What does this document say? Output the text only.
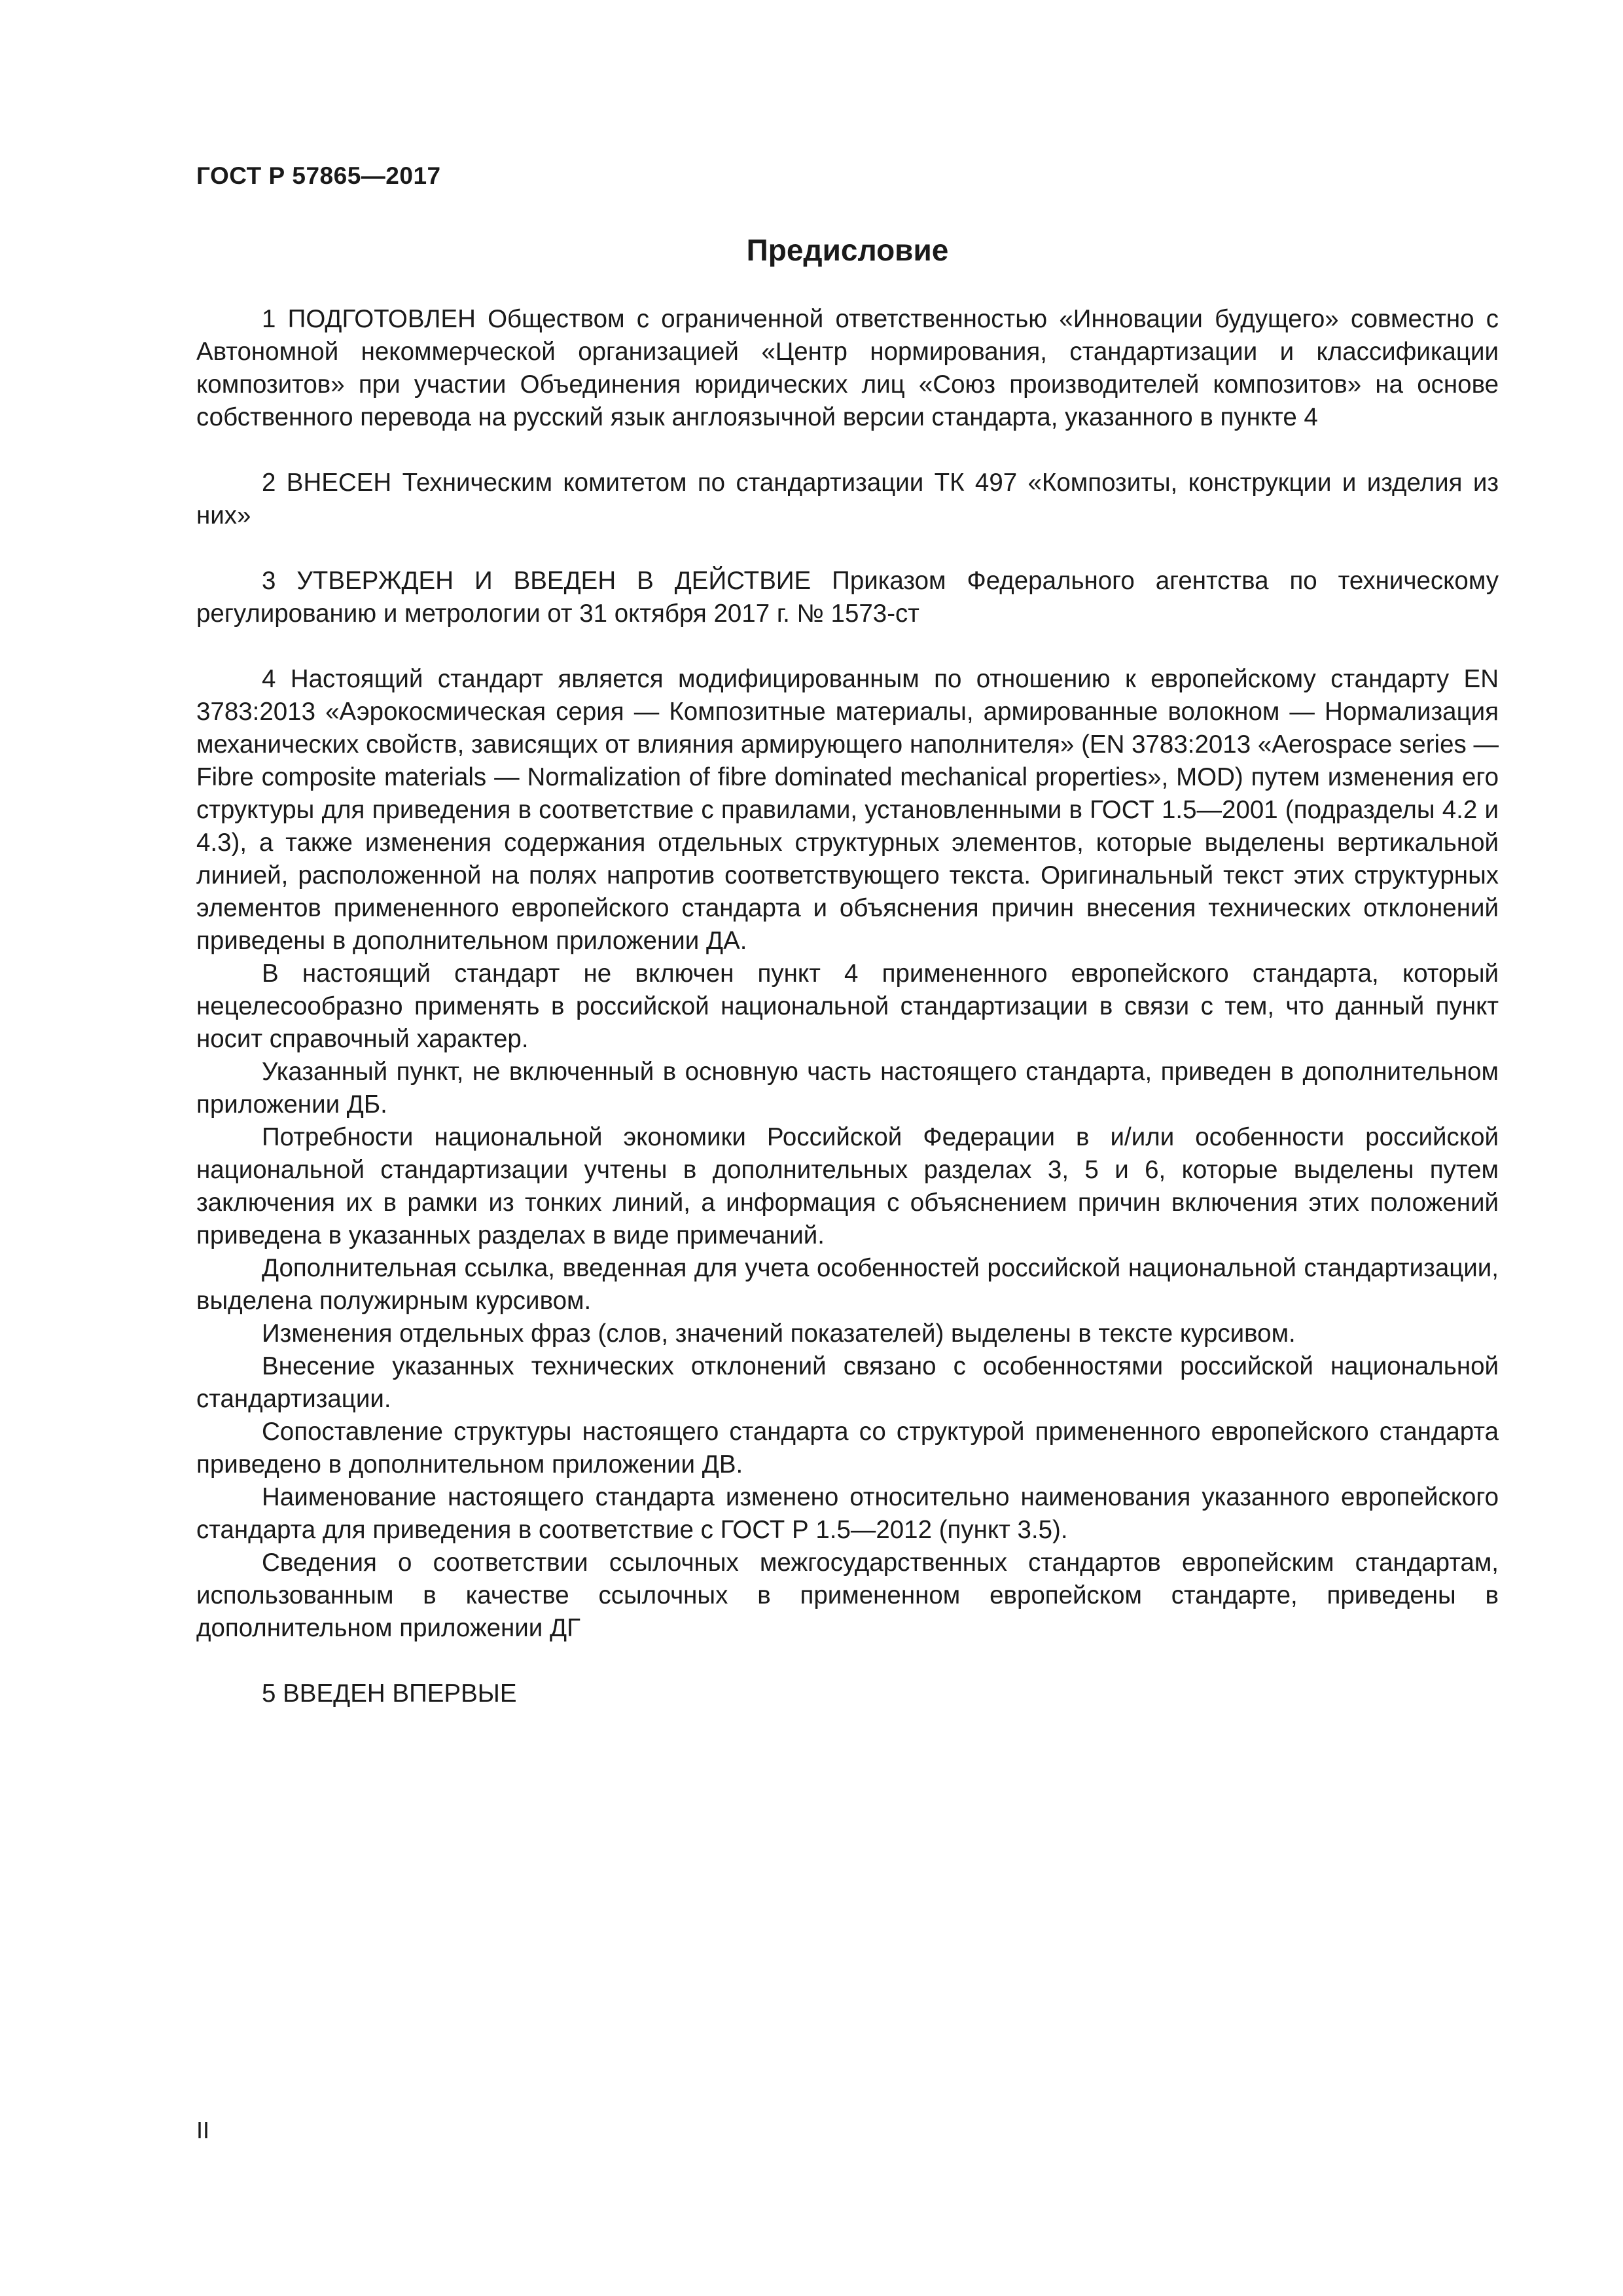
ГОСТ Р 57865—2017
Предисловие

1 ПОДГОТОВЛЕН Обществом с ограниченной ответственностью «Инновации будущего» совместно с Автономной некоммерческой организацией «Центр нормирования, стандартизации и классификации композитов» при участии Объединения юридических лиц «Союз производителей композитов» на основе собственного перевода на русский язык англоязычной версии стандарта, указанного в пункте 4

2 ВНЕСЕН Техническим комитетом по стандартизации ТК 497 «Композиты, конструкции и изделия из них»

3 УТВЕРЖДЕН И ВВЕДЕН В ДЕЙСТВИЕ Приказом Федерального агентства по техническому регулированию и метрологии от 31 октября 2017 г. № 1573-ст

4 Настоящий стандарт является модифицированным по отношению к европейскому стандарту EN 3783:2013 «Аэрокосмическая серия — Композитные материалы, армированные волокном — Нормализация механических свойств, зависящих от влияния армирующего наполнителя» (EN 3783:2013 «Aerospace series — Fibre composite materials — Normalization of fibre dominated mechanical properties», MOD) путем изменения его структуры для приведения в соответствие с правилами, установленными в ГОСТ 1.5—2001 (подразделы 4.2 и 4.3), а также изменения содержания отдельных структурных элементов, которые выделены вертикальной линией, расположенной на полях напротив соответствующего текста. Оригинальный текст этих структурных элементов примененного европейского стандарта и объяснения причин внесения технических отклонений приведены в дополнительном приложении ДА.

В настоящий стандарт не включен пункт 4 примененного европейского стандарта, который нецелесообразно применять в российской национальной стандартизации в связи с тем, что данный пункт носит справочный характер.

Указанный пункт, не включенный в основную часть настоящего стандарта, приведен в дополнительном приложении ДБ.

Потребности национальной экономики Российской Федерации в и/или особенности российской национальной стандартизации учтены в дополнительных разделах 3, 5 и 6, которые выделены путем заключения их в рамки из тонких линий, а информация с объяснением причин включения этих положений приведена в указанных разделах в виде примечаний.

Дополнительная ссылка, введенная для учета особенностей российской национальной стандартизации, выделена полужирным курсивом.

Изменения отдельных фраз (слов, значений показателей) выделены в тексте курсивом.

Внесение указанных технических отклонений связано с особенностями российской национальной стандартизации.

Сопоставление структуры настоящего стандарта со структурой примененного европейского стандарта приведено в дополнительном приложении ДВ.

Наименование настоящего стандарта изменено относительно наименования указанного европейского стандарта для приведения в соответствие с ГОСТ Р 1.5—2012 (пункт 3.5).

Сведения о соответствии ссылочных межгосударственных стандартов европейским стандартам, использованным в качестве ссылочных в примененном европейском стандарте, приведены в дополнительном приложении ДГ

5 ВВЕДЕН ВПЕРВЫЕ

II
